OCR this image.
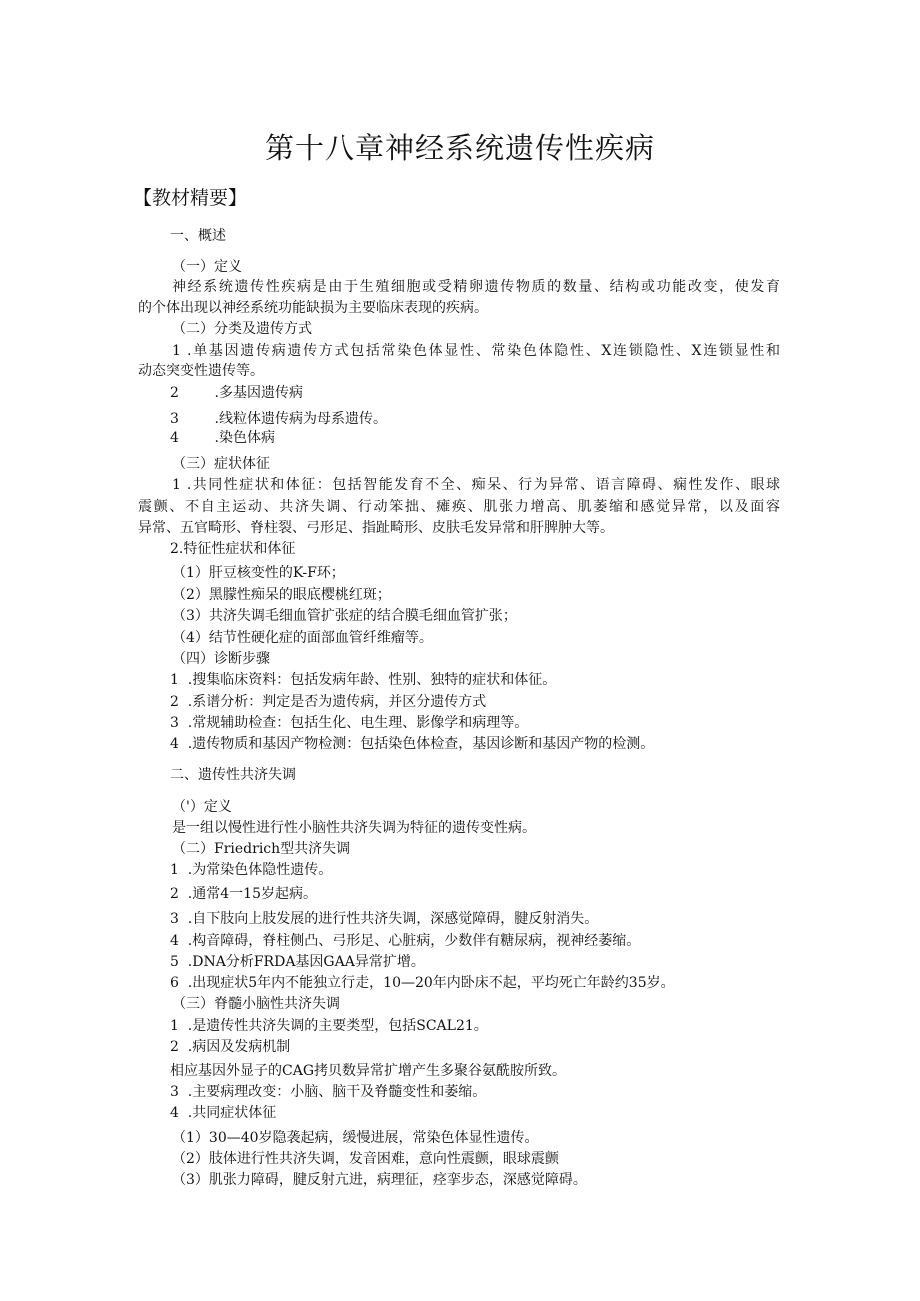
第十八章神经系统遗传性疾病
【教材精要】
一、概述
（一）定义
神经系统遗传性疾病是由于生殖细胞或受精卵遗传物质的数量、结构或功能改变，使发育
的个体出现以神经系统功能缺损为主要临床表现的疾病。
（二）分类及遗传方式
1 .单基因遗传病遗传方式包括常染色体显性、常染色体隐性、X连锁隐性、X连锁显性和
动态突变性遗传等。
2        .多基因遗传病
3        .线粒体遗传病为母系遗传。
4        .染色体病
（三）症状体征
1 .共同性症状和体征：包括智能发育不全、痴呆、行为异常、语言障碍、痫性发作、眼球
震颤、不自主运动、共济失调、行动笨拙、瘫痪、肌张力增高、肌萎缩和感觉异常，以及面容
异常、五官畸形、脊柱裂、弓形足、指趾畸形、皮肤毛发异常和肝脾肿大等。
2.特征性症状和体征
（1）肝豆核变性的K-F环；
（2）黑朦性痴呆的眼底樱桃红斑；
（3）共济失调毛细血管扩张症的结合膜毛细血管扩张；
（4）结节性硬化症的面部血管纤维瘤等。
（四）诊断步骤
1  .搜集临床资料：包括发病年龄、性别、独特的症状和体征。
2  .系谱分析：判定是否为遗传病，并区分遗传方式
3  .常规辅助检查：包括生化、电生理、影像学和病理等。
4  .遗传物质和基因产物检测：包括染色体检查，基因诊断和基因产物的检测。
二、遗传性共济失调
（'）定义
是一组以慢性进行性小脑性共济失调为特征的遗传变性病。
（二）Friedrich型共济失调
1  .为常染色体隐性遗传。
2  .通常4一15岁起病。
3  .自下肢向上肢发展的进行性共济失调，深感觉障碍，腱反射消失。
4  .构音障碍，脊柱侧凸、弓形足、心脏病，少数伴有糖尿病，视神经萎缩。
5  .DNA分析FRDA基因GAA异常扩增。
6  .出现症状5年内不能独立行走，10—20年内卧床不起，平均死亡年龄约35岁。
（三）脊髓小脑性共济失调
1  .是遗传性共济失调的主要类型，包括SCAL21。
2  .病因及发病机制
相应基因外显子的CAG拷贝数异常扩增产生多聚谷氨酰胺所致。
3  .主要病理改变：小脑、脑干及脊髓变性和萎缩。
4  .共同症状体征
（1）30—40岁隐袭起病，缓慢进展，常染色体显性遗传。
（2）肢体进行性共济失调，发音困难，意向性震颤，眼球震颤
（3）肌张力障碍，腱反射亢进，病理征，痉挛步态，深感觉障碍。
